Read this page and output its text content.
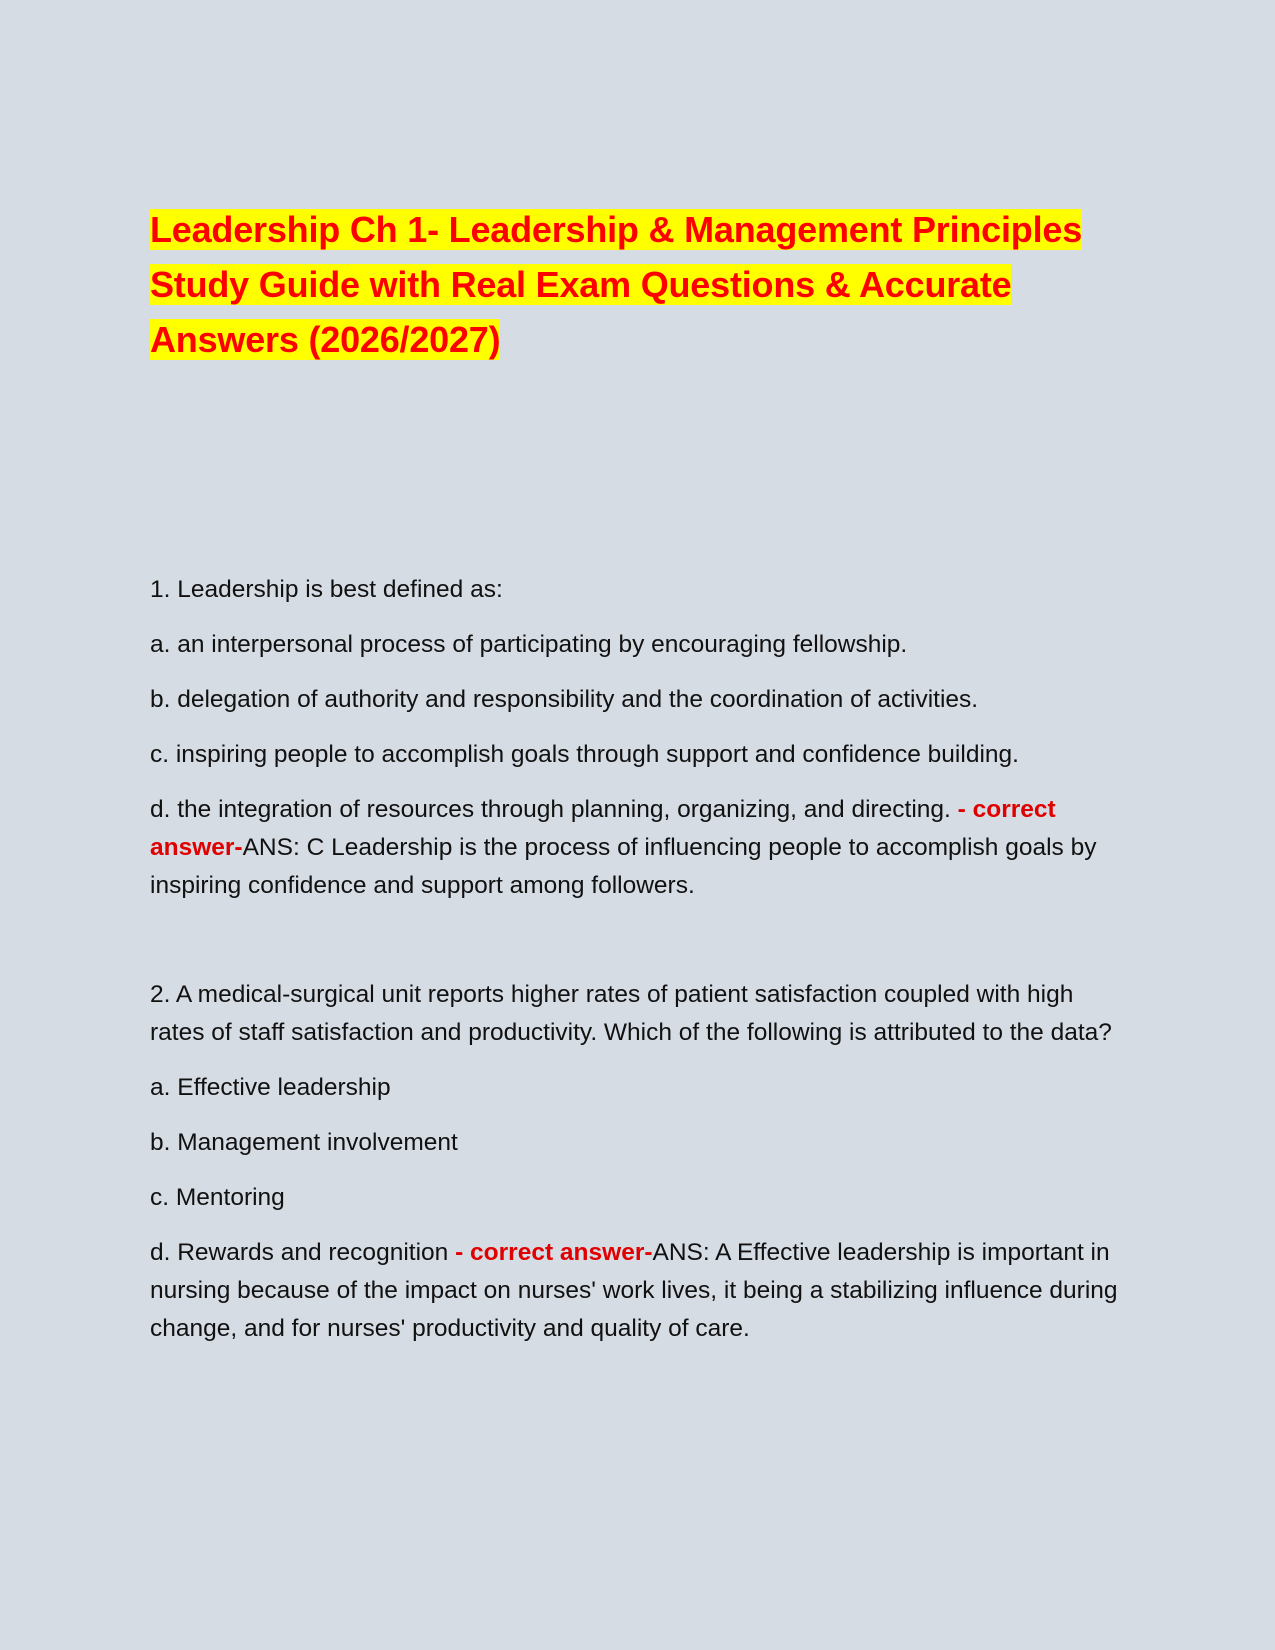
Leadership Ch 1- Leadership & Management Principles
Study Guide with Real Exam Questions & Accurate
Answers (2026/2027)

1. Leadership is best defined as:

a. an interpersonal process of participating by encouraging fellowship.

b. delegation of authority and responsibility and the coordination of activities.

c. inspiring people to accomplish goals through support and confidence building.

d. the integration of resources through planning, organizing, and directing. - correct answer-ANS: C Leadership is the process of influencing people to accomplish goals by inspiring confidence and support among followers.

2. A medical-surgical unit reports higher rates of patient satisfaction coupled with high rates of staff satisfaction and productivity. Which of the following is attributed to the data?

a. Effective leadership

b. Management involvement

c. Mentoring

d. Rewards and recognition - correct answer-ANS: A Effective leadership is important in nursing because of the impact on nurses' work lives, it being a stabilizing influence during change, and for nurses' productivity and quality of care.
